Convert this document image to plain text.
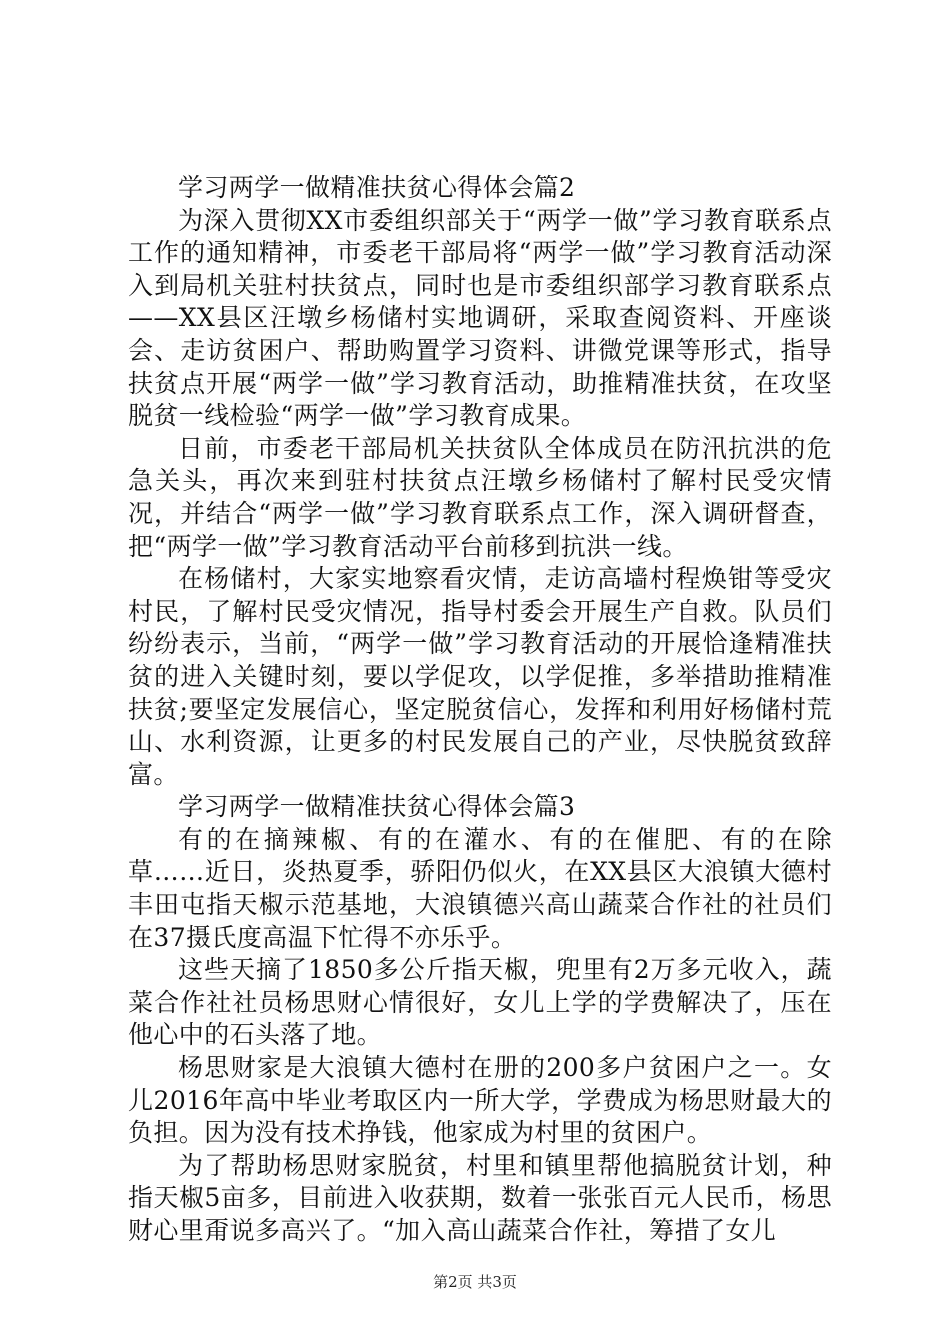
学习两学一做精准扶贫心得体会篇2

为深入贯彻XX市委组织部关于“两学一做”学习教育联系点工作的通知精神，市委老干部局将“两学一做”学习教育活动深入到局机关驻村扶贫点，同时也是市委组织部学习教育联系点——XX县区汪墩乡杨储村实地调研，采取查阅资料、开座谈会、走访贫困户、帮助购置学习资料、讲微党课等形式，指导扶贫点开展“两学一做”学习教育活动，助推精准扶贫，在攻坚脱贫一线检验“两学一做”学习教育成果。

日前，市委老干部局机关扶贫队全体成员在防汛抗洪的危急关头，再次来到驻村扶贫点汪墩乡杨储村了解村民受灾情况，并结合“两学一做”学习教育联系点工作，深入调研督查，把“两学一做”学习教育活动平台前移到抗洪一线。

在杨储村，大家实地察看灾情，走访高墙村程焕钳等受灾村民，了解村民受灾情况，指导村委会开展生产自救。队员们纷纷表示，当前，“两学一做”学习教育活动的开展恰逢精准扶贫的进入关键时刻，要以学促攻，以学促推，多举措助推精准扶贫;要坚定发展信心，坚定脱贫信心，发挥和利用好杨储村荒山、水利资源，让更多的村民发展自己的产业，尽快脱贫致辞富。

学习两学一做精准扶贫心得体会篇3

有的在摘辣椒、有的在灌水、有的在催肥、有的在除草……近日，炎热夏季，骄阳仍似火，在XX县区大浪镇大德村丰田屯指天椒示范基地，大浪镇德兴高山蔬菜合作社的社员们在37摄氏度高温下忙得不亦乐乎。

这些天摘了1850多公斤指天椒，兜里有2万多元收入，蔬菜合作社社员杨思财心情很好，女儿上学的学费解决了，压在他心中的石头落了地。

杨思财家是大浪镇大德村在册的200多户贫困户之一。女儿2016年高中毕业考取区内一所大学，学费成为杨思财最大的负担。因为没有技术挣钱，他家成为村里的贫困户。

为了帮助杨思财家脱贫，村里和镇里帮他搞脱贫计划，种指天椒5亩多，目前进入收获期，数着一张张百元人民币，杨思财心里甭说多高兴了。“加入高山蔬菜合作社，筹措了女儿

第2页 共3页
